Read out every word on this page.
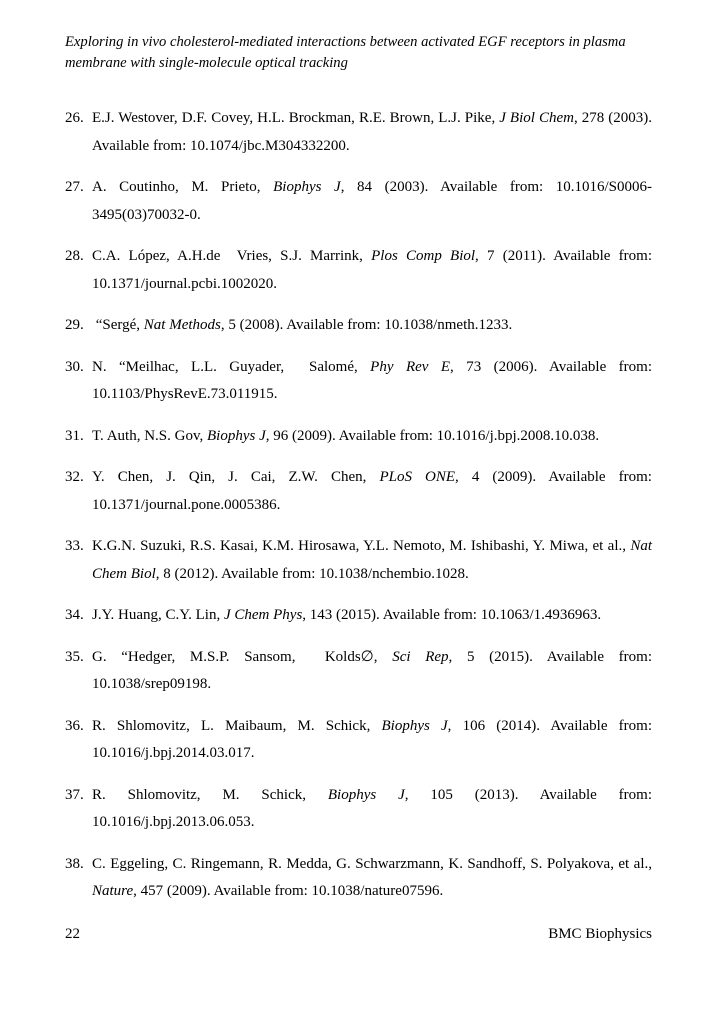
Exploring in vivo cholesterol-mediated interactions between activated EGF receptors in plasma
membrane with single-molecule optical tracking
26. E.J. Westover, D.F. Covey, H.L. Brockman, R.E. Brown, L.J. Pike, J Biol Chem, 278 (2003). Available from: 10.1074/jbc.M304332200.
27. A. Coutinho, M. Prieto, Biophys J, 84 (2003). Available from: 10.1016/S0006-3495(03)70032-0.
28. C.A. López, A.H.de  Vries, S.J. Marrink, Plos Comp Biol, 7 (2011). Available from: 10.1371/journal.pcbi.1002020.
29. “Sergé, Nat Methods, 5 (2008). Available from: 10.1038/nmeth.1233.
30. N. “Meilhac, L.L. Guyader,  Salomé, Phy Rev E, 73 (2006). Available from: 10.1103/PhysRevE.73.011915.
31. T. Auth, N.S. Gov, Biophys J, 96 (2009). Available from: 10.1016/j.bpj.2008.10.038.
32. Y. Chen, J. Qin, J. Cai, Z.W. Chen, PLoS ONE, 4 (2009). Available from: 10.1371/journal.pone.0005386.
33. K.G.N. Suzuki, R.S. Kasai, K.M. Hirosawa, Y.L. Nemoto, M. Ishibashi, Y. Miwa, et al., Nat Chem Biol, 8 (2012). Available from: 10.1038/nchembio.1028.
34. J.Y. Huang, C.Y. Lin, J Chem Phys, 143 (2015). Available from: 10.1063/1.4936963.
35. G. “Hedger, M.S.P. Sansom,  Kolds∅, Sci Rep, 5 (2015). Available from: 10.1038/srep09198.
36. R. Shlomovitz, L. Maibaum, M. Schick, Biophys J, 106 (2014). Available from: 10.1016/j.bpj.2014.03.017.
37. R. Shlomovitz, M. Schick, Biophys J, 105 (2013). Available from: 10.1016/j.bpj.2013.06.053.
38. C. Eggeling, C. Ringemann, R. Medda, G. Schwarzmann, K. Sandhoff, S. Polyakova, et al., Nature, 457 (2009). Available from: 10.1038/nature07596.
22	BMC Biophysics
